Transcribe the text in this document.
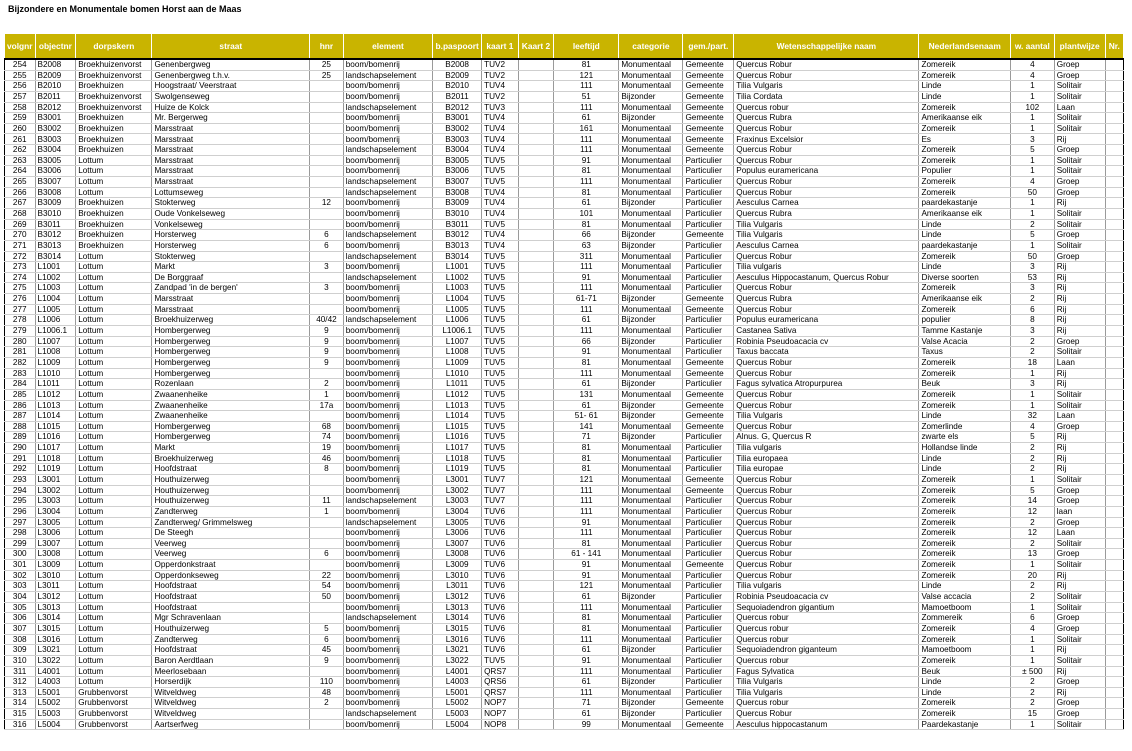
Bijzondere en Monumentale bomen Horst aan de Maas
volgnr	objectnr	dorpskern	straat	hnr	element	b.paspoort	kaart 1	Kaart 2	leeftijd	categorie	gem./part.	Wetenschappelijke naam	Nederlandsenaam	w. aantal	plantwijze	Nr.
254	B2008	Broekhuizenvorst	Genenbergweg	25	boom/bomenrij	B2008	TUV2		81	Monumentaal	Gemeente	Quercus Robur	Zomereik	4	Groep	
255	B2009	Broekhuizenvorst	Genenbergweg t.h.v.	25	landschapselement	B2009	TUV2		121	Monumentaal	Gemeente	Quercus Robur	Zomereik	4	Groep	
256	B2010	Broekhuizen	Hoogstraat/ Veerstraat		boom/bomenrij	B2010	TUV4		111	Monumentaal	Gemeente	Tilia Vulgaris	Linde	1	Solitair	
257	B2011	Broekhuizenvorst	Swolgenseweg		boom/bomenrij	B2011	TUV2		51	Bijzonder	Gemeente	Tilia Cordata	Linde	1	Solitair	
258	B2012	Broekhuizenvorst	Huize de Kolck		landschapselement	B2012	TUV3		111	Monumentaal	Gemeente	Quercus robur	Zomereik	102	Laan	
259	B3001	Broekhuizen	Mr. Bergerweg		boom/bomenrij	B3001	TUV4		61	Bijzonder	Gemeente	Quercus Rubra	Amerikaanse eik	1	Solitair	
260	B3002	Broekhuizen	Marsstraat		boom/bomenrij	B3002	TUV4		161	Monumentaal	Gemeente	Quercus Robur	Zomereik	1	Solitair	
261	B3003	Broekhuizen	Marsstraat		boom/bomenrij	B3003	TUV4		111	Monumentaal	Gemeente	Fraxinus Excelsior	Es	3	Rij	
262	B3004	Broekhuizen	Marsstraat		landschapselement	B3004	TUV4		111	Monumentaal	Gemeente	Quercus Robur	Zomereik	5	Groep	
263	B3005	Lottum	Marsstraat		boom/bomenrij	B3005	TUV5		91	Monumentaal	Particulier	Quercus Robur	Zomereik	1	Solitair	
264	B3006	Lottum	Marsstraat		boom/bomenrij	B3006	TUV5		81	Monumentaal	Particulier	Populus euramericana	Populier	1	Solitair	
265	B3007	Lottum	Marsstraat		landschapselement	B3007	TUV5		111	Monumentaal	Particulier	Quercus Robur	Zomereik	4	Groep	
266	B3008	Lottum	Lottumseweg		landschapselement	B3008	TUV4		81	Monumentaal	Particulier	Quercus Robur	Zomereik	50	Groep	
267	B3009	Broekhuizen	Stokterweg	12	boom/bomenrij	B3009	TUV4		61	Bijzonder	Particulier	Aesculus Carnea	paardekastanje	1	Rij	
268	B3010	Broekhuizen	Oude Vonkelseweg		boom/bomenrij	B3010	TUV4		101	Monumentaal	Particulier	Quercus Rubra	Amerikaanse eik	1	Solitair	
269	B3011	Broekhuizen	Vonkelseweg		boom/bomenrij	B3011	TUV5		81	Monumentaal	Particulier	Tilia Vulgaris	Linde	2	Solitair	
270	B3012	Broekhuizen	Horsterweg	6	landschapselement	B3012	TUV4		66	Bijzonder	Gemeente	Tilia Vulgaris	Linde	5	Groep	
271	B3013	Broekhuizen	Horsterweg	6	boom/bomenrij	B3013	TUV4		63	Bijzonder	Particulier	Aesculus Carnea	paardekastanje	1	Solitair	
272	B3014	Lottum	Stokterweg		landschapselement	B3014	TUV5		311	Monumentaal	Particulier	Quercus Robur	Zomereik	50	Groep	
273	L1001	Lottum	Markt	3	boom/bomenrij	L1001	TUV5		111	Monumentaal	Particulier	Tilia vulgaris	Linde	3	Rij	
274	L1002	Lottum	De Borggraaf		landschapselement	L1002	TUV5		91	Monumentaal	Particulier	Aesculus Hippocastanum, Quercus Robur	Diverse soorten	53	Rij	
275	L1003	Lottum	Zandpad 'in de bergen'	3	boom/bomenrij	L1003	TUV5		111	Monumentaal	Particulier	Quercus Robur	Zomereik	3	Rij	
276	L1004	Lottum	Marsstraat		boom/bomenrij	L1004	TUV5		61-71	Bijzonder	Gemeente	Quercus Rubra	Amerikaanse eik	2	Rij	
277	L1005	Lottum	Marsstraat		boom/bomenrij	L1005	TUV5		111	Monumentaal	Gemeente	Quercus Robur	Zomereik	6	Rij	
278	L1006	Lottum	Broekhuizerweg	40/42	landschapselement	L1006	TUV5		61	Bijzonder	Particulier	Populus euramericana	populier	8	Rij	
279	L1006.1	Lottum	Hombergerweg	9	boom/bomenrij	L1006.1	TUV5		111	Monumentaal	Particulier	Castanea Sativa	Tamme Kastanje	3	Rij	
280	L1007	Lottum	Hombergerweg	9	boom/bomenrij	L1007	TUV5		66	Bijzonder	Particulier	Robinia Pseudoacacia cv	Valse Acacia	2	Groep	
281	L1008	Lottum	Hombergerweg	9	boom/bomenrij	L1008	TUV5		91	Monumentaal	Particulier	Taxus baccata	Taxus	2	Solitair	
282	L1009	Lottum	Hombergerweg	9	boom/bomenrij	L1009	TUV5		81	Monumentaal	Gemeente	Quercus Robur	Zomereik	18	Laan	
283	L1010	Lottum	Hombergerweg		boom/bomenrij	L1010	TUV5		111	Monumentaal	Gemeente	Quercus Robur	Zomereik	1	Rij	
284	L1011	Lottum	Rozenlaan	2	boom/bomenrij	L1011	TUV5		61	Bijzonder	Particulier	Fagus sylvatica Atropurpurea	Beuk	3	Rij	
285	L1012	Lottum	Zwaanenheike	1	boom/bomenrij	L1012	TUV5		131	Monumentaal	Gemeente	Quercus Robur	Zomereik	1	Solitair	
286	L1013	Lottum	Zwaanenheike	17a	boom/bomenrij	L1013	TUV5		61	Bijzonder	Gemeente	Quercus Robur	Zomereik	1	Solitair	
287	L1014	Lottum	Zwaanenheike		boom/bomenrij	L1014	TUV5		51- 61	Bijzonder	Gemeente	Tilia Vulgaris	Linde	32	Laan	
288	L1015	Lottum	Hombergerweg	68	boom/bomenrij	L1015	TUV5		141	Monumentaal	Gemeente	Quercus Robur	Zomerlinde	4	Groep	
289	L1016	Lottum	Hombergerweg	74	boom/bomenrij	L1016	TUV5		71	Bijzonder	Particulier	Alnus. G, Quercus R	zwarte els	5	Rij	
290	L1017	Lottum	Markt	19	boom/bomenrij	L1017	TUV5		81	Monumentaal	Particulier	Tilia vulgaris	Hollandse linde	2	Rij	
291	L1018	Lottum	Broekhuizerweg	46	boom/bomenrij	L1018	TUV5		81	Monumentaal	Particulier	Tilia europaea	Linde	2	Rij	
292	L1019	Lottum	Hoofdstraat	8	boom/bomenrij	L1019	TUV5		81	Monumentaal	Particulier	Tilia europae	Linde	2	Rij	
293	L3001	Lottum	Houthuizerweg		boom/bomenrij	L3001	TUV7		121	Monumentaal	Gemeente	Quercus Robur	Zomereik	1	Solitair	
294	L3002	Lottum	Houthuizerweg		boom/bomenrij	L3002	TUV7		111	Monumentaal	Gemeente	Quercus Robur	Zomereik	5	Groep	
295	L3003	Lottum	Houthuizerweg	11	landschapselement	L3003	TUV7		111	Monumentaal	Particulier	Quercus Robur	Zomereik	14	Groep	
296	L3004	Lottum	Zandterweg	1	boom/bomenrij	L3004	TUV6		111	Monumentaal	Particulier	Quercus Robur	Zomereik	12	laan	
297	L3005	Lottum	Zandterweg/ Grimmelsweg		landschapselement	L3005	TUV6		91	Monumentaal	Particulier	Quercus Robur	Zomereik	2	Groep	
298	L3006	Lottum	De Steegh		boom/bomenrij	L3006	TUV6		111	Monumentaal	Particulier	Quercus Robur	Zomereik	12	Laan	
299	L3007	Lottum	Veerweg		boom/bomenrij	L3007	TUV6		81	Monumentaal	Particulier	Quercus Robur	Zomereik	2	Solitair	
300	L3008	Lottum	Veerweg	6	boom/bomenrij	L3008	TUV6		61 - 141	Monumentaal	Particulier	Quercus Robur	Zomereik	13	Groep	
301	L3009	Lottum	Opperdonkstraat		boom/bomenrij	L3009	TUV6		91	Monumentaal	Gemeente	Quercus Robur	Zomereik	1	Solitair	
302	L3010	Lottum	Opperdonkseweg	22	boom/bomenrij	L3010	TUV6		91	Monumentaal	Particulier	Quercus Robur	Zomereik	20	Rij	
303	L3011	Lottum	Hoofdstraat	54	boom/bomenrij	L3011	TUV6		121	Monumentaal	Particulier	Tilia vulgaris	Linde	2	Rij	
304	L3012	Lottum	Hoofdstraat	50	boom/bomenrij	L3012	TUV6		61	Bijzonder	Particulier	Robinia Pseudoacacia cv	Valse accacia	2	Solitair	
305	L3013	Lottum	Hoofdstraat		boom/bomenrij	L3013	TUV6		111	Monumentaal	Particulier	Sequoiadendron gigantium	Mamoetboom	1	Solitair	
306	L3014	Lottum	Mgr Schravenlaan		landschapselement	L3014	TUV6		81	Monumentaal	Particulier	Quercus robur	Zommereik	6	Groep	
307	L3015	Lottum	Houthuizerweg	5	boom/bomenrij	L3015	TUV6		81	Monumentaal	Particulier	Quercus robur	Zomereik	4	Groep	
308	L3016	Lottum	Zandterweg	6	boom/bomenrij	L3016	TUV6		111	Monumentaal	Particulier	Quercus robur	Zomereik	1	Solitair	
309	L3021	Lottum	Hoofdstraat	45	boom/bomenrij	L3021	TUV6		61	Bijzonder	Particulier	Sequoiadendron giganteum	Mamoetboom	1	Rij	
310	L3022	Lottum	Baron Aerdtlaan	9	boom/bomenrij	L3022	TUV5		91	Monumentaal	Particulier	Quercus robur	Zomereik	1	Solitair	
311	L4001	Lottum	Meerlosebaan		boom/bomenrij	L4001	QRS7		111	Monumentaal	Particulier	Fagus Sylvatica	Beuk	± 500	Rij	
312	L4003	Lottum	Horserdijk	110	boom/bomenrij	L4003	QRS6		61	Bijzonder	Particulier	Tilia Vulgaris	Linde	2	Groep	
313	L5001	Grubbenvorst	Witveldweg	48	boom/bomenrij	L5001	QRS7		111	Monumentaal	Particulier	Tilia Vulgaris	Linde	2	Rij	
314	L5002	Grubbenvorst	Witveldweg	2	boom/bomenrij	L5002	NOP7		71	Bijzonder	Gemeente	Quercus robur	Zomereik	2	Groep	
315	L5003	Grubbenvorst	Witveldweg		landschapselement	L5003	NOP7		61	Bijzonder	Particulier	Quercus Robur	Zomereik	15	Groep	
316	L5004	Grubbenvorst	Aartserfweg		boom/bomenrij	L5004	NOP8		99	Monumentaal	Gemeente	Aesculus hippocastanum	Paardekastanje	1	Solitair	
